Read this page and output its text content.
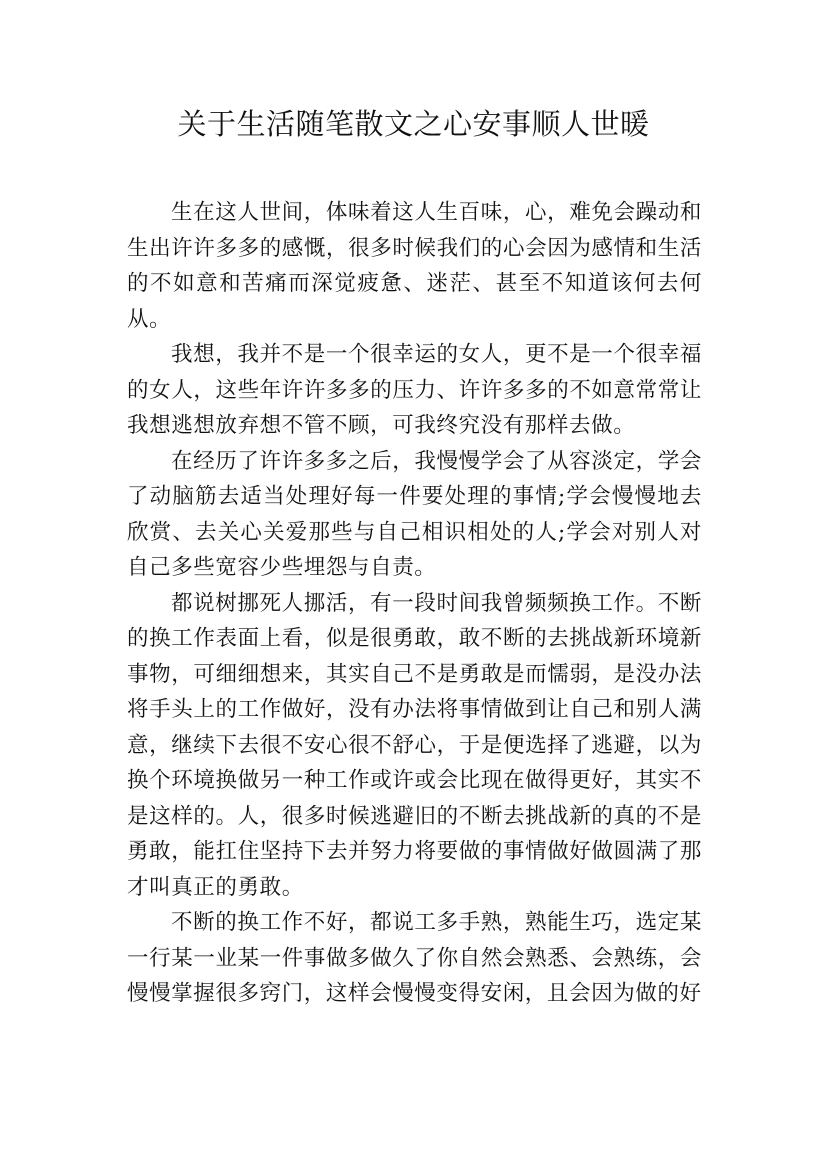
关于生活随笔散文之心安事顺人世暖

生在这人世间，体味着这人生百味，心，难免会躁动和生出许许多多的感慨，很多时候我们的心会因为感情和生活的不如意和苦痛而深觉疲惫、迷茫、甚至不知道该何去何从。

我想，我并不是一个很幸运的女人，更不是一个很幸福的女人，这些年许许多多的压力、许许多多的不如意常常让我想逃想放弃想不管不顾，可我终究没有那样去做。

在经历了许许多多之后，我慢慢学会了从容淡定，学会了动脑筋去适当处理好每一件要处理的事情;学会慢慢地去欣赏、去关心关爱那些与自己相识相处的人;学会对别人对自己多些宽容少些埋怨与自责。

都说树挪死人挪活，有一段时间我曾频频换工作。不断的换工作表面上看，似是很勇敢，敢不断的去挑战新环境新事物，可细细想来，其实自己不是勇敢是而懦弱，是没办法将手头上的工作做好，没有办法将事情做到让自己和别人满意，继续下去很不安心很不舒心，于是便选择了逃避，以为换个环境换做另一种工作或许或会比现在做得更好，其实不是这样的。人，很多时候逃避旧的不断去挑战新的真的不是勇敢，能扛住坚持下去并努力将要做的事情做好做圆满了那才叫真正的勇敢。

不断的换工作不好，都说工多手熟，熟能生巧，选定某一行某一业某一件事做多做久了你自然会熟悉、会熟练，会慢慢掌握很多窍门，这样会慢慢变得安闲，且会因为做的好
